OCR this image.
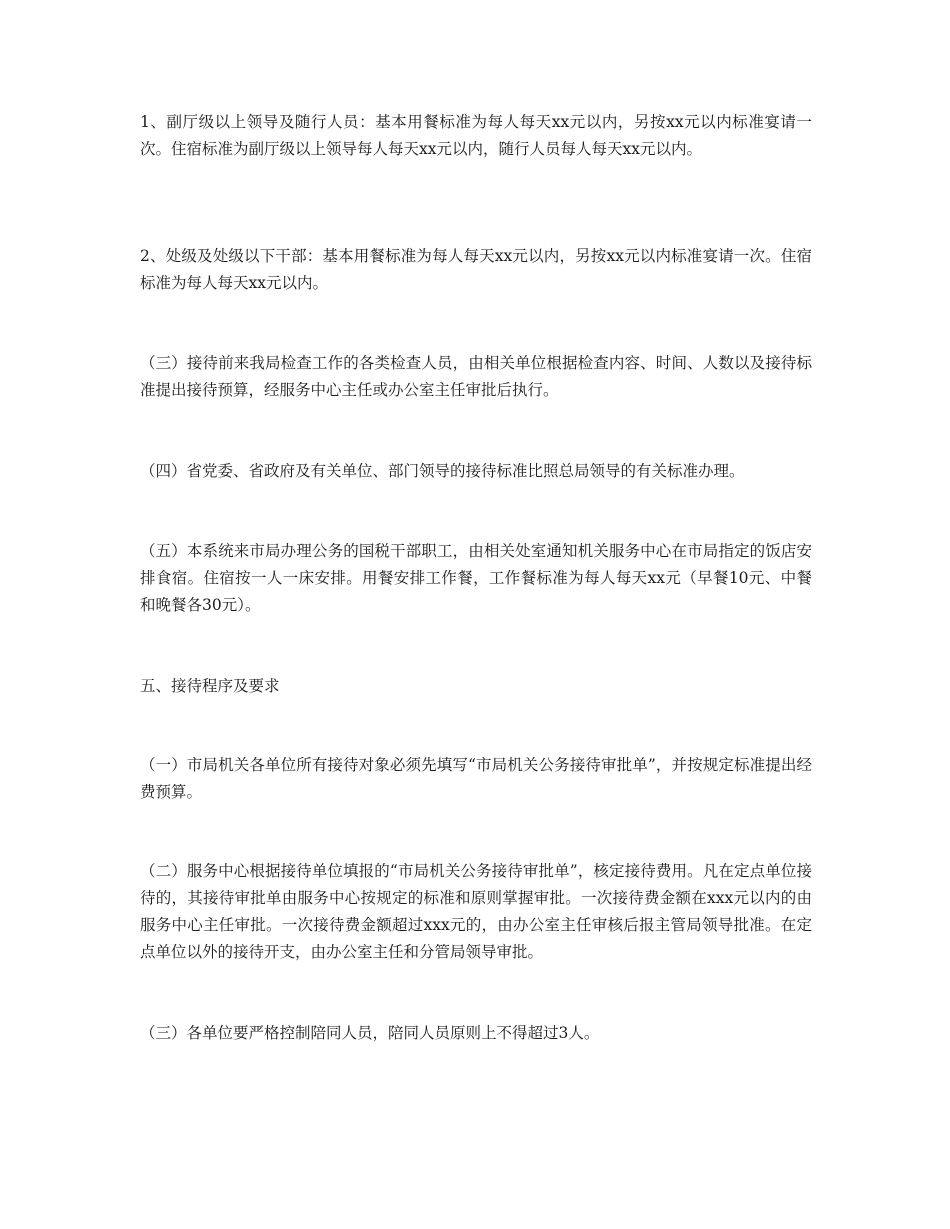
1、副厅级以上领导及随行人员：基本用餐标准为每人每天xx元以内，另按xx元以内标准宴请一次。住宿标准为副厅级以上领导每人每天xx元以内，随行人员每人每天xx元以内。

2、处级及处级以下干部：基本用餐标准为每人每天xx元以内，另按xx元以内标准宴请一次。住宿标准为每人每天xx元以内。

（三）接待前来我局检查工作的各类检查人员，由相关单位根据检查内容、时间、人数以及接待标准提出接待预算，经服务中心主任或办公室主任审批后执行。

（四）省党委、省政府及有关单位、部门领导的接待标准比照总局领导的有关标准办理。

（五）本系统来市局办理公务的国税干部职工，由相关处室通知机关服务中心在市局指定的饭店安排食宿。住宿按一人一床安排。用餐安排工作餐，工作餐标准为每人每天xx元（早餐10元、中餐和晚餐各30元）。

五、接待程序及要求

（一）市局机关各单位所有接待对象必须先填写“市局机关公务接待审批单”，并按规定标准提出经费预算。

（二）服务中心根据接待单位填报的“市局机关公务接待审批单”，核定接待费用。凡在定点单位接待的，其接待审批单由服务中心按规定的标准和原则掌握审批。一次接待费金额在xxx元以内的由服务中心主任审批。一次接待费金额超过xxx元的，由办公室主任审核后报主管局领导批准。在定点单位以外的接待开支，由办公室主任和分管局领导审批。

（三）各单位要严格控制陪同人员，陪同人员原则上不得超过3人。
